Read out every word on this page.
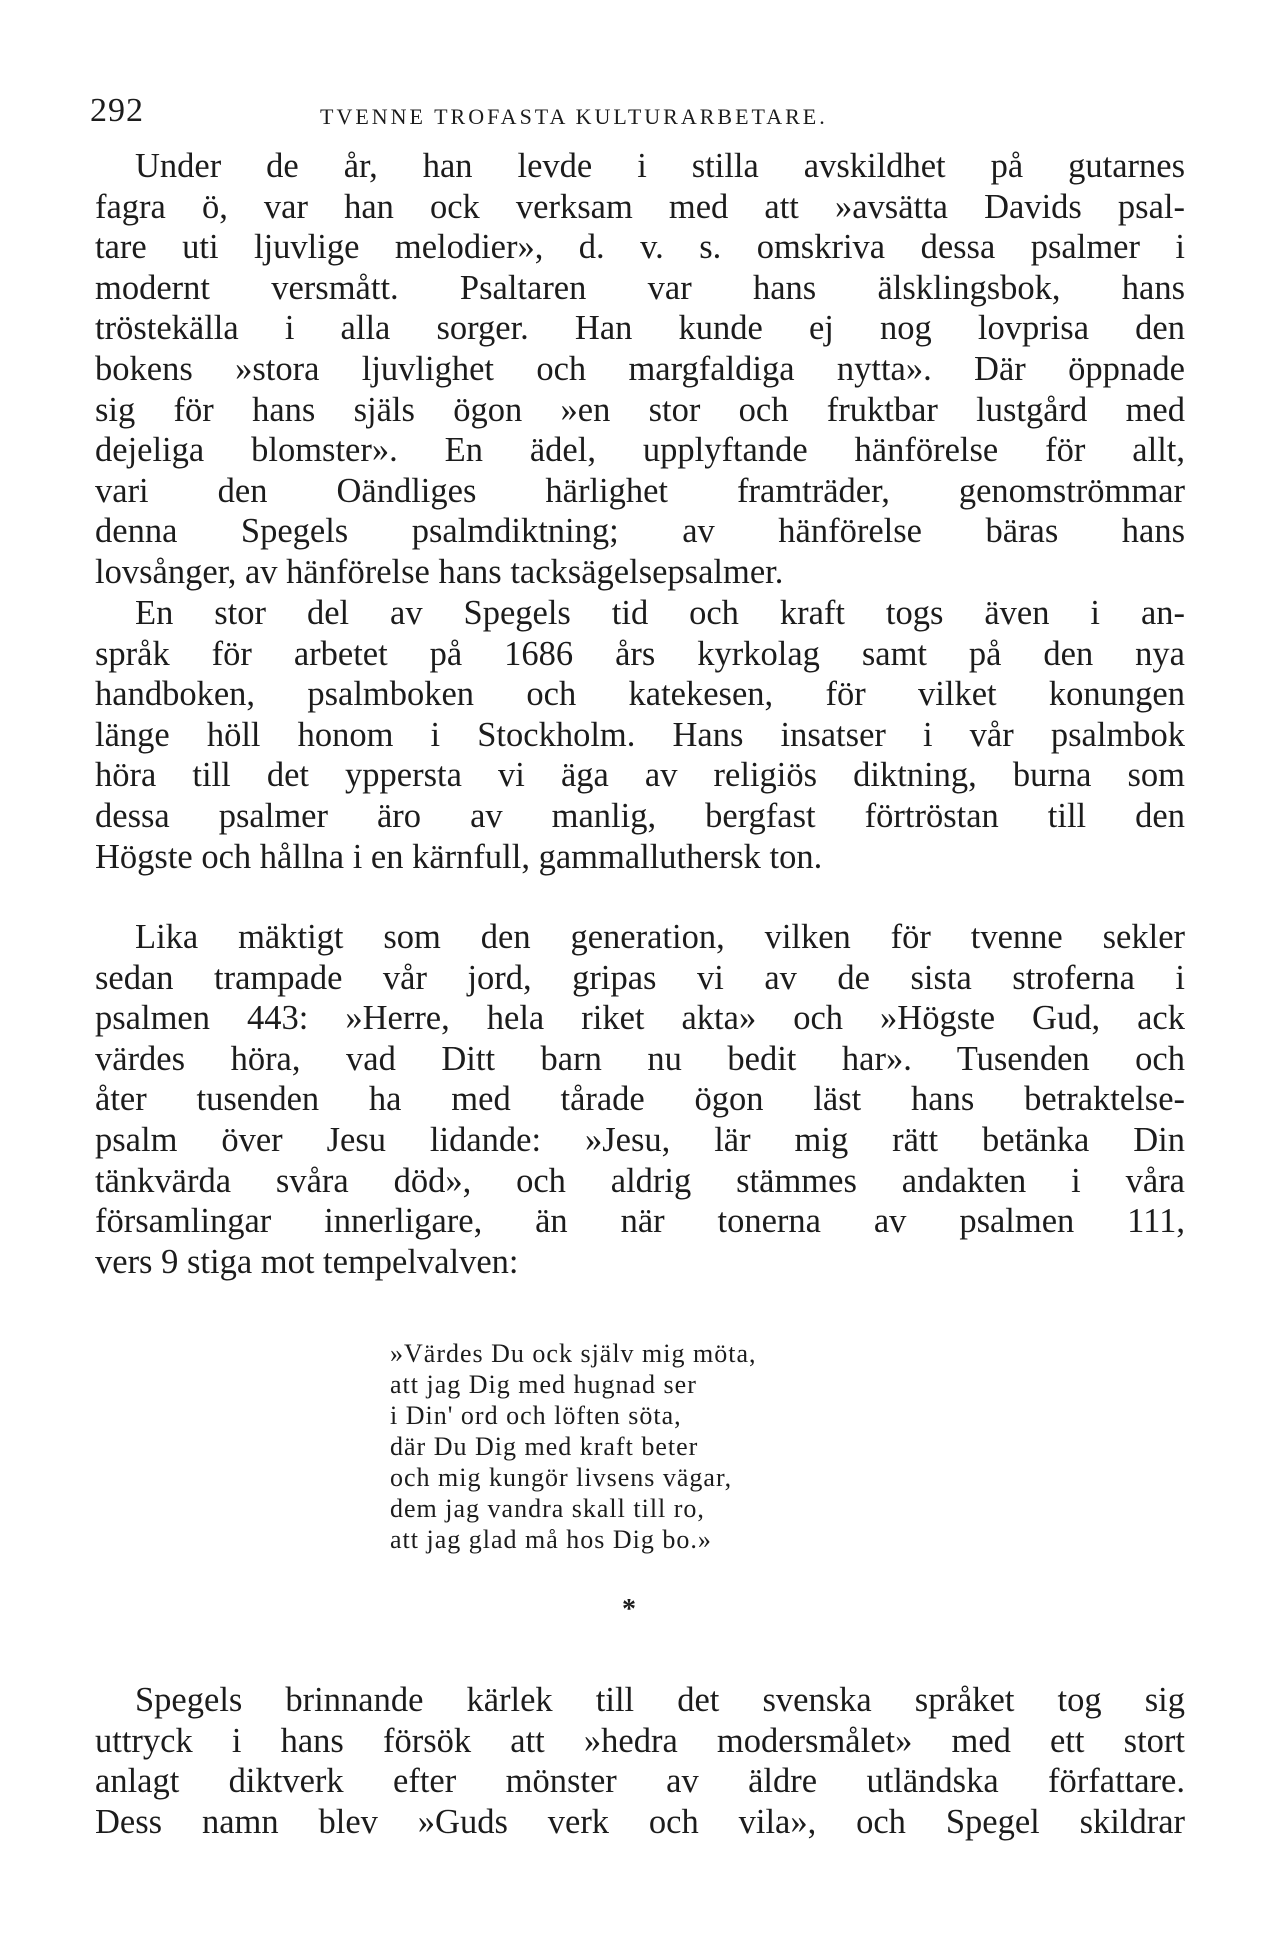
292	TVENNE TROFASTA KULTURARBETARE.
Under de år, han levde i stilla avskildhet på gutarnes
fagra ö, var han ock verksam med att »avsätta Davids psal-
tare uti ljuvlige melodier», d. v. s. omskriva dessa psalmer i
modernt versmått. Psaltaren var hans älsklingsbok, hans
tröstekälla i alla sorger. Han kunde ej nog lovprisa den
bokens »stora ljuvlighet och margfaldiga nytta». Där öppnade
sig för hans själs ögon »en stor och fruktbar lustgård med
dejeliga blomster». En ädel, upplyftande hänförelse för allt,
vari den Oändliges härlighet framträder, genomströmmar
denna Spegels psalmdiktning; av hänförelse bäras hans
lovsånger, av hänförelse hans tacksägelsepsalmer.
En stor del av Spegels tid och kraft togs även i an-
språk för arbetet på 1686 års kyrkolag samt på den nya
handboken, psalmboken och katekesen, för vilket konungen
länge höll honom i Stockholm. Hans insatser i vår psalmbok
höra till det yppersta vi äga av religiös diktning, burna som
dessa psalmer äro av manlig, bergfast förtröstan till den
Högste och hållna i en kärnfull, gammalluthersk ton.
Lika mäktigt som den generation, vilken för tvenne sekler
sedan trampade vår jord, gripas vi av de sista stroferna i
psalmen 443: »Herre, hela riket akta» och »Högste Gud, ack
värdes höra, vad Ditt barn nu bedit har». Tusenden och
åter tusenden ha med tårade ögon läst hans betraktelse-
psalm över Jesu lidande: »Jesu, lär mig rätt betänka Din
tänkvärda svåra död», och aldrig stämmes andakten i våra
församlingar innerligare, än när tonerna av psalmen 111,
vers 9 stiga mot tempelvalven:
»Värdes Du ock själv mig möta,
att jag Dig med hugnad ser
i Din' ord och löften söta,
där Du Dig med kraft beter
och mig kungör livsens vägar,
dem jag vandra skall till ro,
att jag glad må hos Dig bo.»
*
Spegels brinnande kärlek till det svenska språket tog sig
uttryck i hans försök att »hedra modersmålet» med ett stort
anlagt diktverk efter mönster av äldre utländska författare.
Dess namn blev »Guds verk och vila», och Spegel skildrar
